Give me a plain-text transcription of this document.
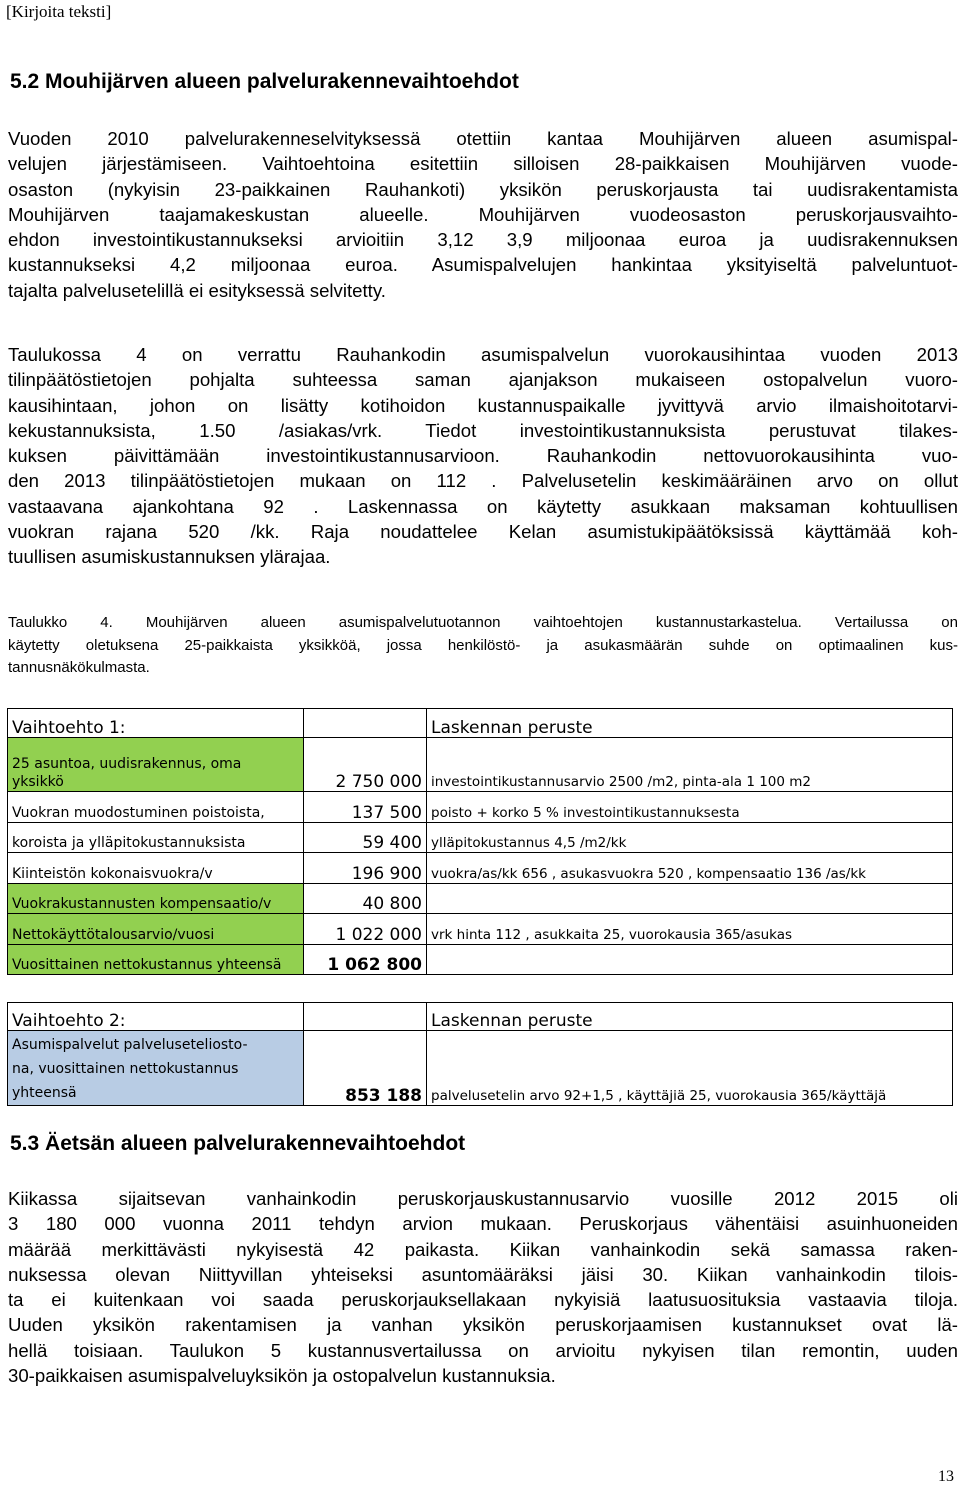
[Kirjoita teksti]
5.2 Mouhijärven alueen palvelurakennevaihtoehdot
Vuoden 2010 palvelurakenneselvityksessä otettiin kantaa Mouhijärven alueen asumispal-
velujen järjestämiseen. Vaihtoehtoina esitettiin silloisen 28-paikkaisen Mouhijärven vuode-
osaston (nykyisin 23-paikkainen Rauhankoti) yksikön peruskorjausta tai uudisrakentamista
Mouhijärven taajamakeskustan alueelle. Mouhijärven vuodeosaston peruskorjausvaihto-
ehdon investointikustannukseksi arvioitiin 3,12 3,9 miljoonaa euroa ja uudisrakennuksen
kustannukseksi 4,2 miljoonaa euroa. Asumispalvelujen hankintaa yksityiseltä palveluntuot-
tajalta palvelusetelillä ei esityksessä selvitetty.
Taulukossa 4 on verrattu Rauhankodin asumispalvelun vuorokausihintaa vuoden 2013
tilinpäätöstietojen pohjalta suhteessa saman ajanjakson mukaiseen ostopalvelun vuoro-
kausihintaan, johon on lisätty kotihoidon kustannuspaikalle jyvittyvä arvio ilmaishoitotarvi-
kekustannuksista, 1.50 /asiakas/vrk. Tiedot investointikustannuksista perustuvat tilakes-
kuksen päivittämään investointikustannusarvioon. Rauhankodin nettovuorokausihinta vuo-
den 2013 tilinpäätöstietojen mukaan on 112 . Palvelusetelin keskimääräinen arvo on ollut
vastaavana ajankohtana 92 . Laskennassa on käytetty asukkaan maksaman kohtuullisen
vuokran rajana 520 /kk. Raja noudattelee Kelan asumistukipäätöksissä käyttämää koh-
tuullisen asumiskustannuksen ylärajaa.
Taulukko 4. Mouhijärven alueen asumispalvelutuotannon vaihtoehtojen kustannustarkastelua. Vertailussa on
käytetty oletuksena 25-paikkaista yksikköä, jossa henkilöstö- ja asukasmäärän suhde on optimaalinen kus-
tannusnäkökulmasta.
Vaihtoehto 1:		Laskennan peruste
25 asuntoa, uudisrakennus, oma
yksikkö	2 750 000	investointikustannusarvio 2500 /m2, pinta-ala 1 100 m2
Vuokran muodostuminen poistoista,	137 500	poisto + korko 5 % investointikustannuksesta
koroista ja ylläpitokustannuksista	59 400	ylläpitokustannus 4,5 /m2/kk
Kiinteistön kokonaisvuokra/v	196 900	vuokra/as/kk 656 , asukasvuokra 520 , kompensaatio 136 /as/kk
Vuokrakustannusten kompensaatio/v	40 800	
Nettokäyttötalousarvio/vuosi	1 022 000	vrk hinta 112 , asukkaita 25, vuorokausia 365/asukas
Vuosittainen nettokustannus yhteensä	1 062 800	
Vaihtoehto 2:		Laskennan peruste
Asumispalvelut palveluseteliosto-
na, vuosittainen nettokustannus
yhteensä	853 188	palvelusetelin arvo 92+1,5 , käyttäjiä 25, vuorokausia 365/käyttäjä
5.3 Äetsän alueen palvelurakennevaihtoehdot
Kiikassa sijaitsevan vanhainkodin peruskorjauskustannusarvio vuosille 2012 2015 oli
3 180 000 vuonna 2011 tehdyn arvion mukaan. Peruskorjaus vähentäisi asuinhuoneiden
määrää merkittävästi nykyisestä 42 paikasta. Kiikan vanhainkodin sekä samassa raken-
nuksessa olevan Niittyvillan yhteiseksi asuntomääräksi jäisi 30. Kiikan vanhainkodin tilois-
ta ei kuitenkaan voi saada peruskorjauksellakaan nykyisiä laatusuosituksia vastaavia tiloja.
Uuden yksikön rakentamisen ja vanhan yksikön peruskorjaamisen kustannukset ovat lä-
hellä toisiaan. Taulukon 5 kustannusvertailussa on arvioitu nykyisen tilan remontin, uuden
30-paikkaisen asumispalveluyksikön ja ostopalvelun kustannuksia.
13
